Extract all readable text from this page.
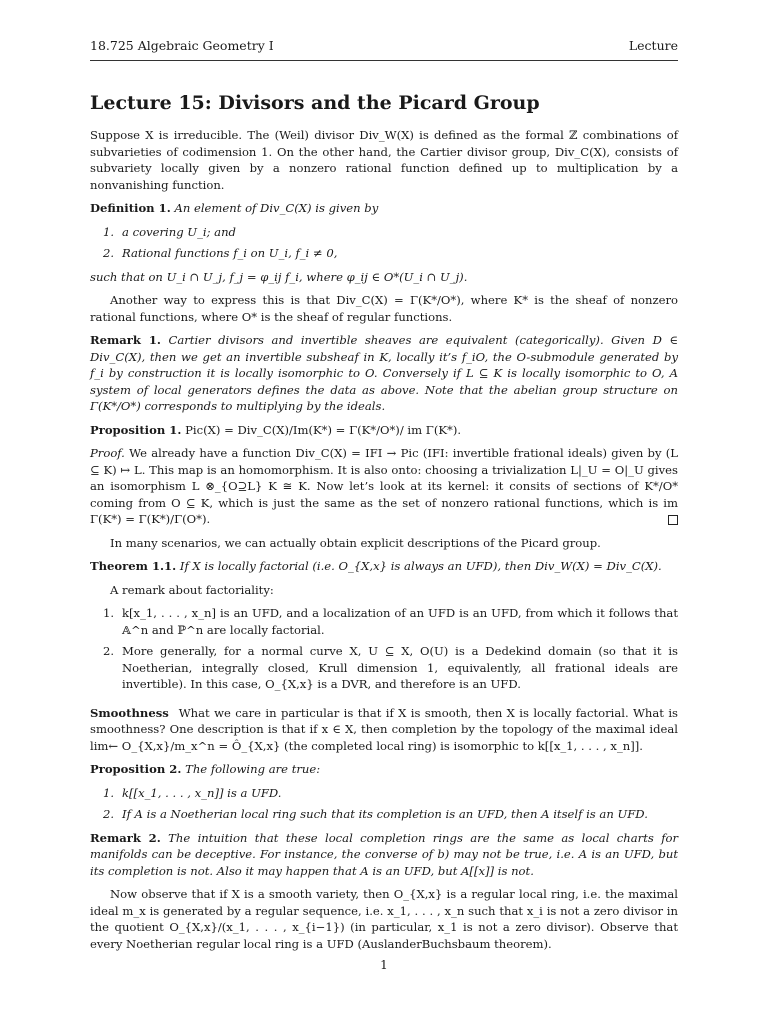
18.725 Algebraic Geometry I	Lecture
Lecture 15: Divisors and the Picard Group

Suppose X is irreducible. The (Weil) divisor Div_W(X) is defined as the formal ℤ combinations of subvarieties of codimension 1. On the other hand, the Cartier divisor group, Div_C(X), consists of subvariety locally given by a nonzero rational function defined up to multiplication by a nonvanishing function.

Definition 1. An element of Div_C(X) is given by

1. a covering U_i; and
2. Rational functions f_i on U_i, f_i ≠ 0,

such that on U_i ∩ U_j, f_j = φ_ij f_i, where φ_ij ∈ O*(U_i ∩ U_j).

Another way to express this is that Div_C(X) = Γ(K*/O*), where K* is the sheaf of nonzero rational functions, where O* is the sheaf of regular functions.

Remark 1. Cartier divisors and invertible sheaves are equivalent (categorically). Given D ∈ Div_C(X), then we get an invertible subsheaf in K, locally it’s f_iO, the O-submodule generated by f_i by construction it is locally isomorphic to O. Conversely if L ⊆ K is locally isomorphic to O, A system of local generators defines the data as above. Note that the abelian group structure on Γ(K*/O*) corresponds to multiplying by the ideals.

Proposition 1. Pic(X) = Div_C(X)/Im(K*) = Γ(K*/O*)/ im Γ(K*).

Proof. We already have a function Div_C(X) = IFI → Pic (IFI: invertible frational ideals) given by (L ⊆ K) ↦ L. This map is an homomorphism. It is also onto: choosing a trivialization L|_U = O|_U gives an isomorphism L ⊗_{O⊇L} K ≅ K. Now let’s look at its kernel: it consits of sections of K*/O* coming from O ⊆ K, which is just the same as the set of nonzero rational functions, which is im Γ(K*) = Γ(K*)/Γ(O*).

In many scenarios, we can actually obtain explicit descriptions of the Picard group.

Theorem 1.1. If X is locally factorial (i.e. O_{X,x} is always an UFD), then Div_W(X) = Div_C(X).

A remark about factoriality:

1. k[x_1, . . . , x_n] is an UFD, and a localization of an UFD is an UFD, from which it follows that 𝔸^n and ℙ^n are locally factorial.
2. More generally, for a normal curve X, U ⊆ X, O(U) is a Dedekind domain (so that it is Noetherian, integrally closed, Krull dimension 1, equivalently, all frational ideals are invertible). In this case, O_{X,x} is a DVR, and therefore is an UFD.

Smoothness What we care in particular is that if X is smooth, then X is locally factorial. What is smoothness? One description is that if x ∈ X, then completion by the topology of the maximal ideal lim← O_{X,x}/m_x^n = Ô_{X,x} (the completed local ring) is isomorphic to k[[x_1, . . . , x_n]].

Proposition 2. The following are true:

1. k[[x_1, . . . , x_n]] is a UFD.
2. If A is a Noetherian local ring such that its completion is an UFD, then A itself is an UFD.

Remark 2. The intuition that these local completion rings are the same as local charts for manifolds can be deceptive. For instance, the converse of b) may not be true, i.e. A is an UFD, but its completion is not. Also it may happen that A is an UFD, but A[[x]] is not.

Now observe that if X is a smooth variety, then O_{X,x} is a regular local ring, i.e. the maximal ideal m_x is generated by a regular sequence, i.e. x_1, . . . , x_n such that x_i is not a zero divisor in the quotient O_{X,x}/(x_1, . . . , x_{i−1}) (in particular, x_1 is not a zero divisor). Observe that every Noetherian regular local ring is a UFD (AuslanderBuchsbaum theorem).

1
